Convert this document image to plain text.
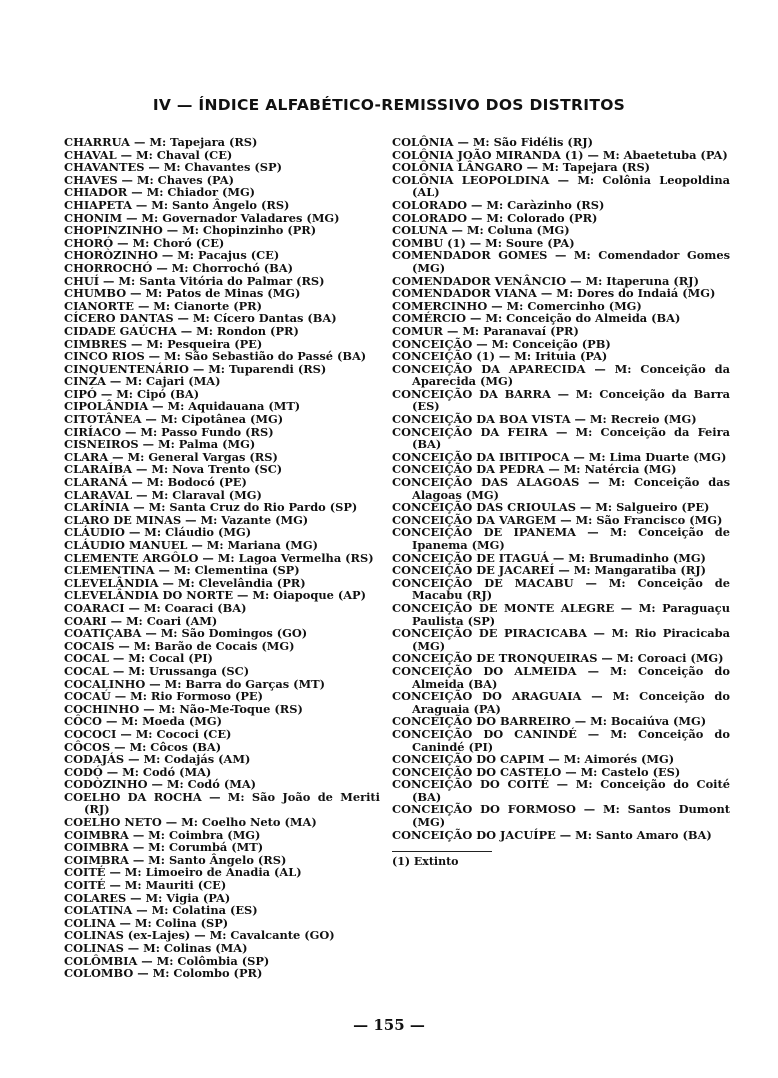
IV — ÍNDICE ALFABÉTICO-REMISSIVO DOS DISTRITOS

CHARRUA — M: Tapejara (RS)

CHAVAL — M: Chaval (CE)

CHAVANTES — M: Chavantes (SP)

CHAVES — M: Chaves (PA)

CHIADOR — M: Chiador (MG)

CHIAPETA — M: Santo Ângelo (RS)

CHONIM — M: Governador Valadares (MG)

CHOPINZINHO — M: Chopinzinho (PR)

CHORÓ — M: Choró (CE)

CHORÒZINHO — M: Pacajus (CE)

CHORROCHÓ — M: Chorrochó (BA)

CHUÍ — M: Santa Vitória do Palmar (RS)

CHUMBO — M: Patos de Minas (MG)

CIANORTE — M: Cianorte (PR)

CÍCERO DANTAS — M: Cícero Dantas (BA)

CIDADE GAÚCHA — M: Rondon (PR)

CIMBRES — M: Pesqueira (PE)

CINCO RIOS — M: São Sebastião do Passé (BA)

CINQUENTENÁRIO — M: Tuparendi (RS)

CINZA — M: Cajari (MA)

CIPÓ — M: Cipó (BA)

CIPOLÂNDIA — M: Aquidauana (MT)

CITOTÂNEA — M: Cipotânea (MG)

CIRÍACO — M: Passo Fundo (RS)

CISNEIROS — M: Palma (MG)

CLARA — M: General Vargas (RS)

CLARAÍBA — M: Nova Trento (SC)

CLARANÁ — M: Bodocó (PE)

CLARAVAL — M: Claraval (MG)

CLARÍNIA — M: Santa Cruz do Rio Pardo (SP)

CLARO DE MINAS — M: Vazante (MG)

CLÁUDIO — M: Cláudio (MG)

CLÁUDIO MANUEL — M: Mariana (MG)

CLEMENTE ARGÔLO — M: Lagoa Vermelha (RS)

CLEMENTINA — M: Clementina (SP)

CLEVELÂNDIA — M: Clevelândia (PR)

CLEVELÂNDIA DO NORTE — M: Oiapoque (AP)

COARACI — M: Coaraci (BA)

COARI — M: Coari (AM)

COATIÇABA — M: São Domingos (GO)

COCAIS — M: Barão de Cocais (MG)

COCAL — M: Cocal (PI)

COCAL — M: Urussanga (SC)

COCALINHO — M: Barra do Garças (MT)

COCAÚ — M: Rio Formoso (PE)

COCHINHO — M: Não-Me-Toque (RS)

CÔCO — M: Moeda (MG)

COCOCI — M: Cococi (CE)

CÔCOS — M: Côcos (BA)

CODAJÁS — M: Codajás (AM)

CODÓ — M: Codó (MA)

CODÒZINHO — M: Codó (MA)

COELHO DA ROCHA — M: São João de Meriti (RJ)

COELHO NETO — M: Coelho Neto (MA)

COIMBRA — M: Coimbra (MG)

COIMBRA — M: Corumbá (MT)

COIMBRA — M: Santo Ângelo (RS)

COITÉ — M: Limoeiro de Anadia (AL)

COITÉ — M: Mauriti (CE)

COLARES — M: Vigia (PA)

COLATINA — M: Colatina (ES)

COLINA — M: Colina (SP)

COLINAS (ex-Lajes) — M: Cavalcante (GO)

COLINAS — M: Colinas (MA)

COLÔMBIA — M: Colômbia (SP)

COLOMBO — M: Colombo (PR)

COLÔNIA — M: São Fidélis (RJ)

COLÔNIA JOÃO MIRANDA (1) — M: Abaetetuba (PA)

COLÔNIA LÂNGARO — M: Tapejara (RS)

COLÔNIA LEOPOLDINA — M: Colônia Leopoldina (AL)

COLORADO — M: Caràzinho (RS)

COLORADO — M: Colorado (PR)

COLUNA — M: Coluna (MG)

COMBU (1) — M: Soure (PA)

COMENDADOR GOMES — M: Comendador Gomes (MG)

COMENDADOR VENÂNCIO — M: Itaperuna (RJ)

COMENDADOR VIANA — M: Dores do Indaiá (MG)

COMERCINHO — M: Comercinho (MG)

COMÉRCIO — M: Conceição do Almeida (BA)

COMUR — M: Paranavaí (PR)

CONCEIÇÃO — M: Conceição (PB)

CONCEIÇÃO (1) — M: Irituia (PA)

CONCEIÇÃO DA APARECIDA — M: Conceição da Aparecida (MG)

CONCEIÇÃO DA BARRA — M: Conceição da Barra (ES)

CONCEIÇÃO DA BOA VISTA — M: Recreio (MG)

CONCEIÇÃO DA FEIRA — M: Conceição da Feira (BA)

CONCEIÇÃO DA IBITIPOCA — M: Lima Duarte (MG)

CONCEIÇÃO DA PEDRA — M: Natércia (MG)

CONCEIÇÃO DAS ALAGOAS — M: Conceição das Alagoas (MG)

CONCEIÇÃO DAS CRIOULAS — M: Salgueiro (PE)

CONCEIÇÃO DA VARGEM — M: São Francisco (MG)

CONCEIÇÃO DE IPANEMA — M: Conceição de Ipanema (MG)

CONCEIÇÃO DE ITAGUÁ — M: Brumadinho (MG)

CONCEIÇÃO DE JACAREÍ — M: Mangaratiba (RJ)

CONCEIÇÃO DE MACABU — M: Conceição de Macabu (RJ)

CONCEIÇÃO DE MONTE ALEGRE — M: Paraguaçu Paulista (SP)

CONCEIÇÃO DE PIRACICABA — M: Rio Piracicaba (MG)

CONCEIÇÃO DE TRONQUEIRAS — M: Coroaci (MG)

CONCEIÇÃO DO ALMEIDA — M: Conceição do Almeida (BA)

CONCEIÇÃO DO ARAGUAIA — M: Conceição do Araguaia (PA)

CONCEIÇÃO DO BARREIRO — M: Bocaiúva (MG)

CONCEIÇÃO DO CANINDÉ — M: Conceição do Canindé (PI)

CONCEIÇÃO DO CAPIM — M: Aimorés (MG)

CONCEIÇÃO DO CASTELO — M: Castelo (ES)

CONCEIÇÃO DO COITÉ — M: Conceição do Coité (BA)

CONCEIÇÃO DO FORMOSO — M: Santos Dumont (MG)

CONCEIÇÃO DO JACUÍPE — M: Santo Amaro (BA)

(1) Extinto

— 155 —
